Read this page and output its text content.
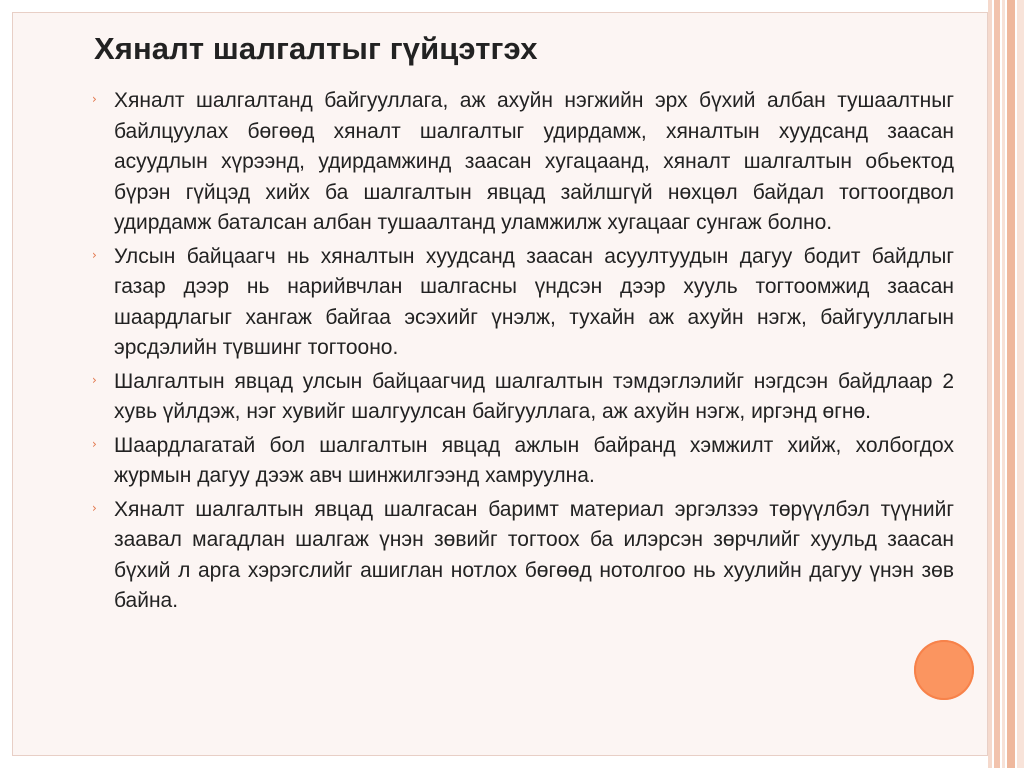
Хяналт шалгалтыг гүйцэтгэх
› Хяналт шалгалтанд байгууллага, аж ахуйн нэгжийн эрх бүхий албан тушаалтныг байлцуулах бөгөөд хяналт шалгалтыг удирдамж, хяналтын хуудсанд заасан асуудлын хүрээнд, удирдамжинд заасан хугацаанд, хяналт шалгалтын обьектод бүрэн гүйцэд хийх ба шалгалтын явцад зайлшгүй нөхцөл байдал тогтоогдвол удирдамж баталсан албан тушаалтанд уламжилж хугацааг сунгаж болно.
› Улсын байцаагч нь хяналтын хуудсанд заасан асуултуудын дагуу бодит байдлыг газар дээр нь нарийвчлан шалгасны үндсэн дээр хууль тогтоомжид заасан шаардлагыг хангаж байгаа эсэхийг үнэлж, тухайн аж ахуйн нэгж, байгууллагын эрсдэлийн түвшинг тогтооно.
› Шалгалтын явцад улсын байцаагчид шалгалтын тэмдэглэлийг нэгдсэн байдлаар 2 хувь үйлдэж, нэг хувийг шалгуулсан байгууллага, аж ахуйн нэгж, иргэнд өгнө.
› Шаардлагатай бол шалгалтын явцад ажлын байранд хэмжилт хийж, холбогдох журмын дагуу дээж авч шинжилгээнд хамруулна.
› Хяналт шалгалтын явцад шалгасан баримт материал эргэлзээ төрүүлбэл түүнийг заавал магадлан шалгаж үнэн зөвийг тогтоох ба илэрсэн зөрчлийг хуульд заасан бүхий л арга хэрэгслийг ашиглан нотлох бөгөөд нотолгоо нь хуулийн дагуу үнэн зөв байна.
